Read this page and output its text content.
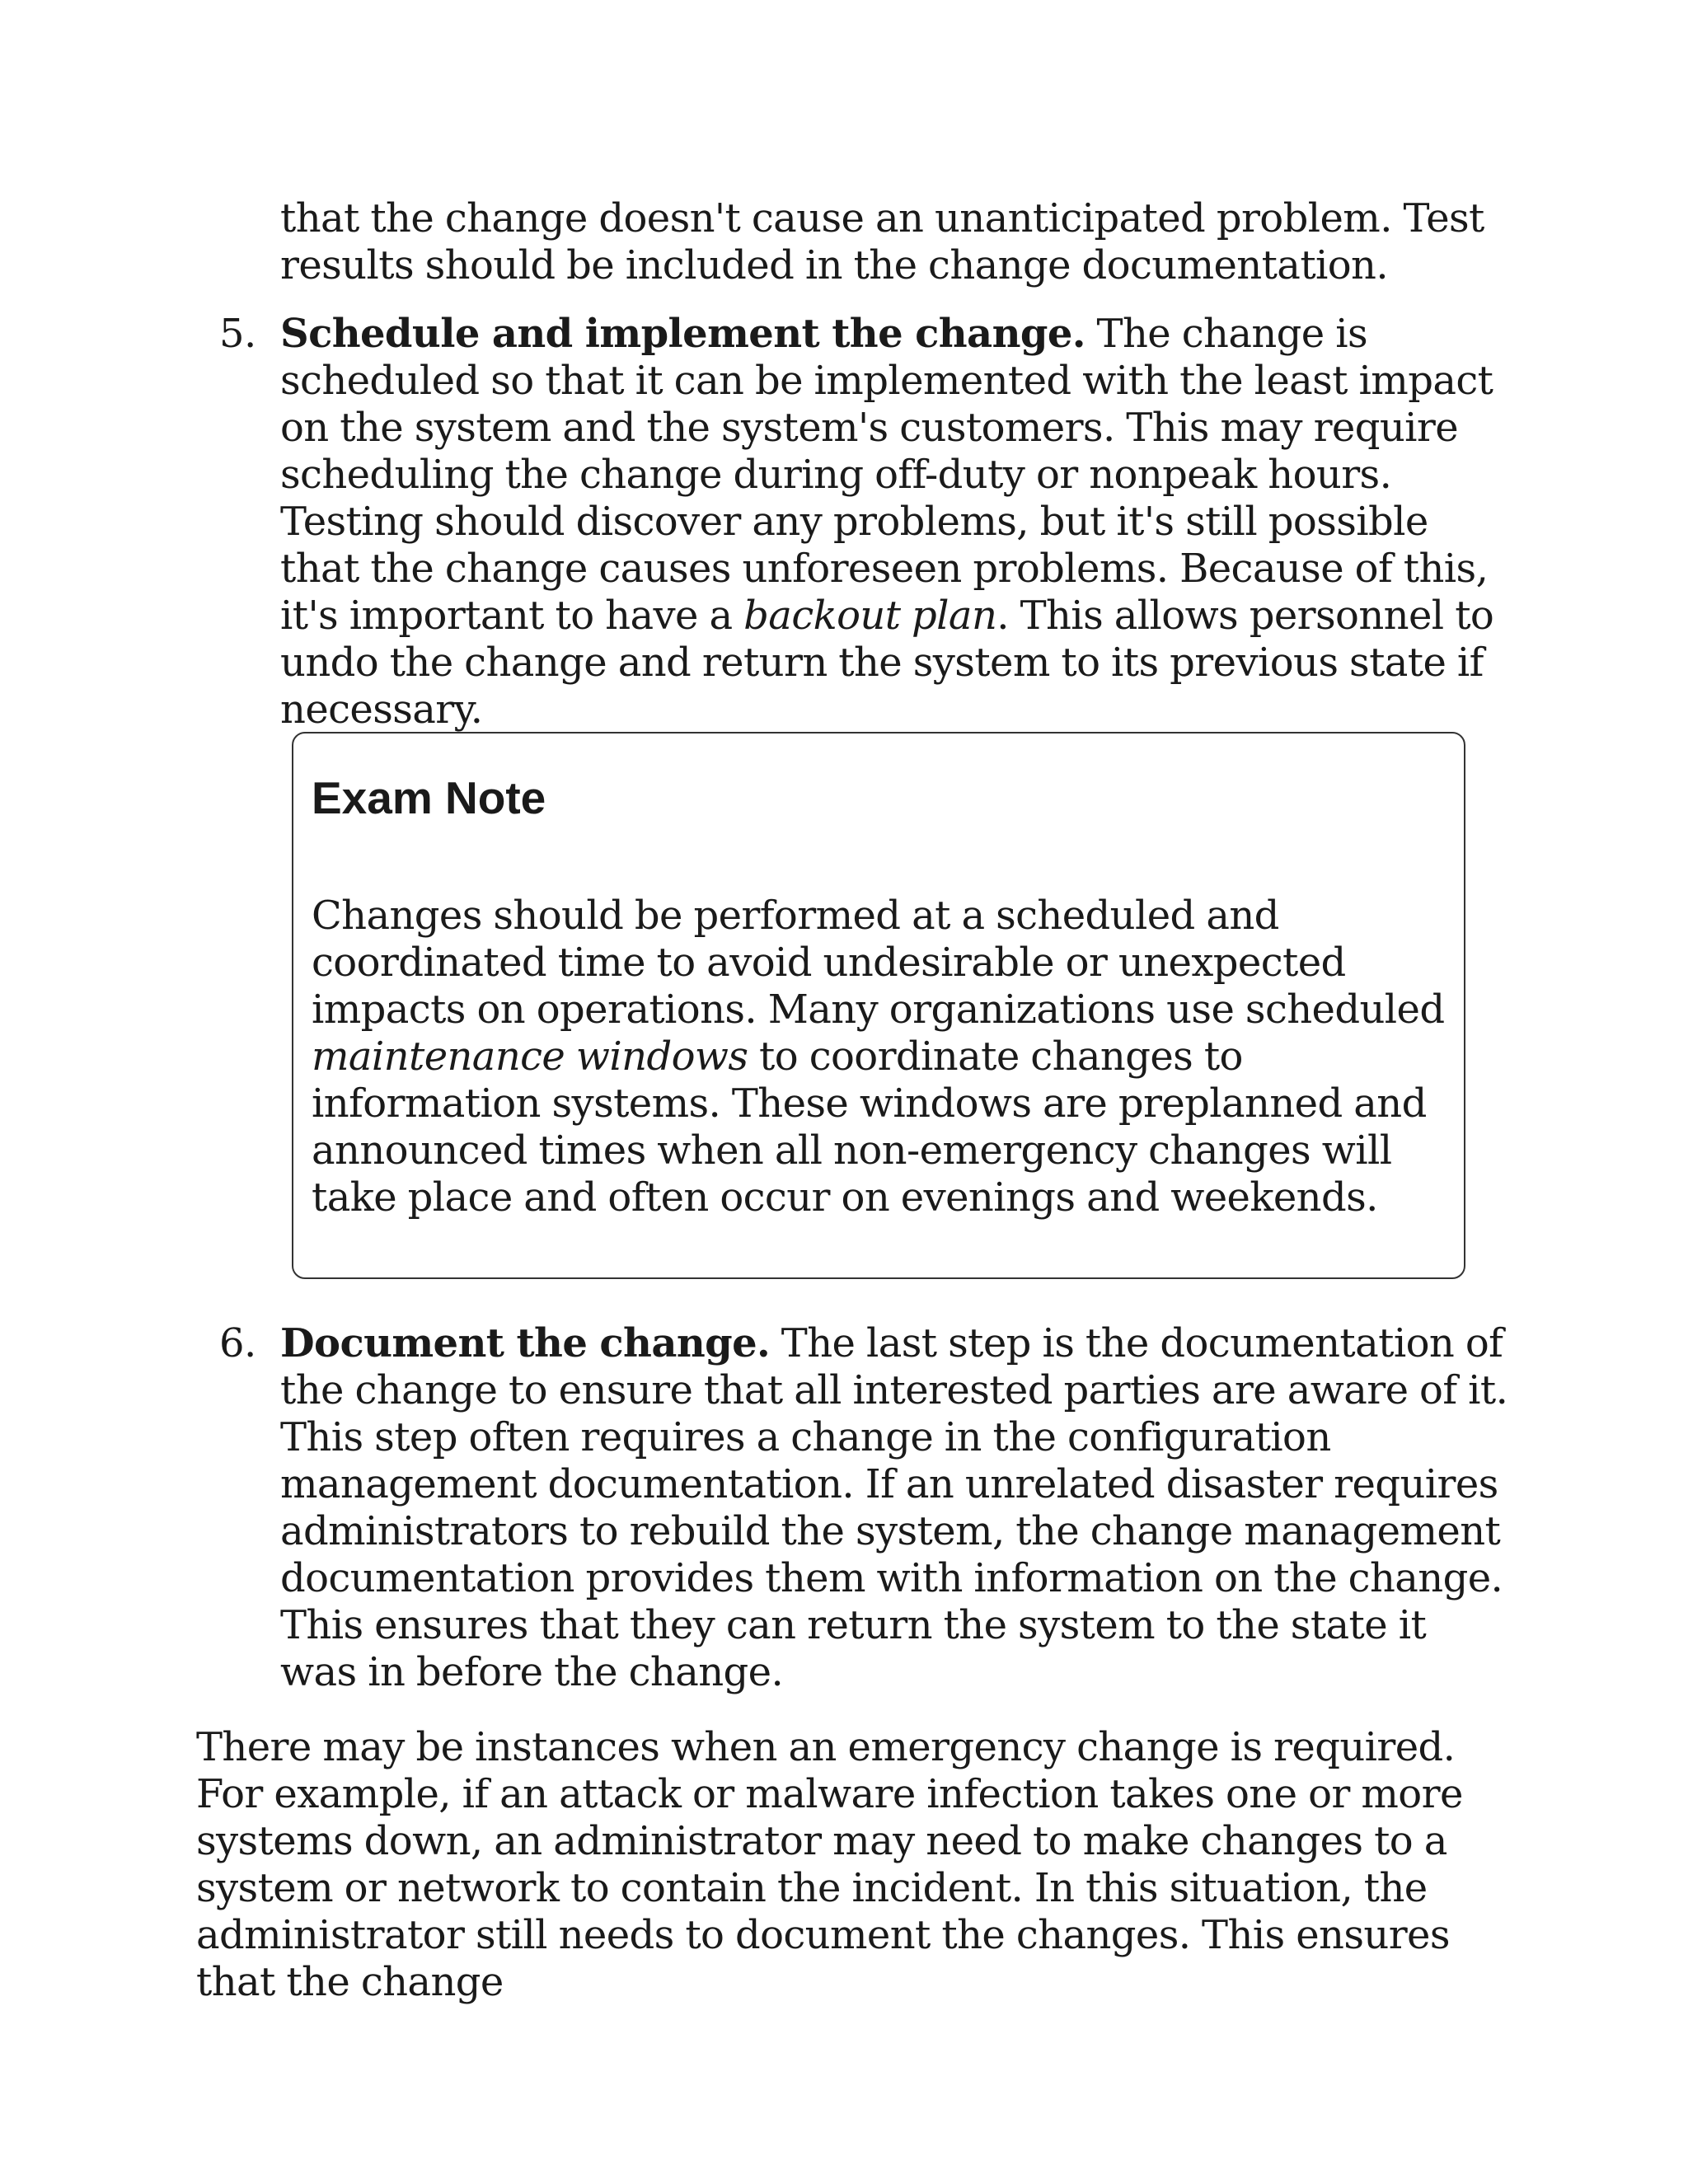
that the change doesn't cause an unanticipated problem. Test results should be included in the change documentation.

5. Schedule and implement the change. The change is scheduled so that it can be implemented with the least impact on the system and the system's customers. This may require scheduling the change during off-duty or nonpeak hours. Testing should discover any problems, but it's still possible that the change causes unforeseen problems. Because of this, it's important to have a backout plan. This allows personnel to undo the change and return the system to its previous state if necessary.

Exam Note

Changes should be performed at a scheduled and coordinated time to avoid undesirable or unexpected impacts on operations. Many organizations use scheduled maintenance windows to coordinate changes to information systems. These windows are preplanned and announced times when all non-emergency changes will take place and often occur on evenings and weekends.

6. Document the change. The last step is the documentation of the change to ensure that all interested parties are aware of it. This step often requires a change in the configuration management documentation. If an unrelated disaster requires administrators to rebuild the system, the change management documentation provides them with information on the change. This ensures that they can return the system to the state it was in before the change.

There may be instances when an emergency change is required. For example, if an attack or malware infection takes one or more systems down, an administrator may need to make changes to a system or network to contain the incident. In this situation, the administrator still needs to document the changes. This ensures that the change
